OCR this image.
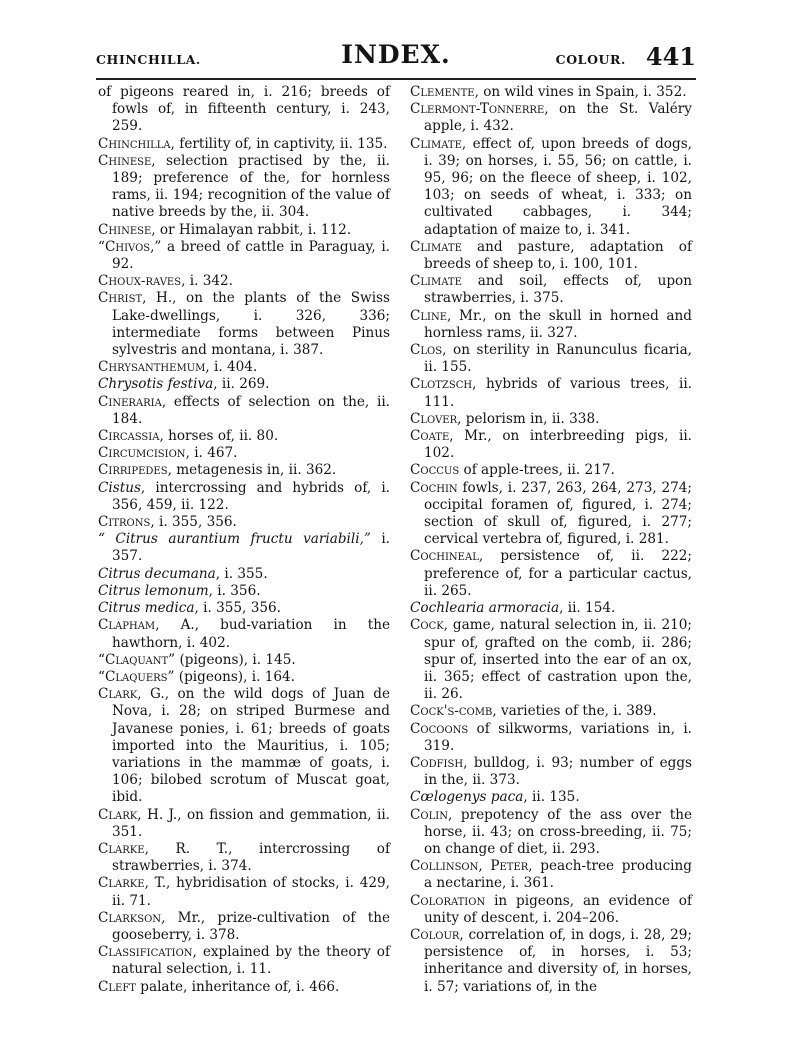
CHINCHILLA.	INDEX.	COLOUR. 441

of pigeons reared in, i. 216; breeds of fowls of, in fifteenth century, i. 243, 259.

Chinchilla, fertility of, in captivity, ii. 135.

Chinese, selection practised by the, ii. 189; preference of the, for hornless rams, ii. 194; recognition of the value of native breeds by the, ii. 304.

Chinese, or Himalayan rabbit, i. 112.

“Chivos,” a breed of cattle in Paraguay, i. 92.

Choux-raves, i. 342.

Christ, H., on the plants of the Swiss Lake-dwellings, i. 326, 336; intermediate forms between Pinus sylvestris and montana, i. 387.

Chrysanthemum, i. 404.

Chrysotis festiva, ii. 269.

Cineraria, effects of selection on the, ii. 184.

Circassia, horses of, ii. 80.

Circumcision, i. 467.

Cirripedes, metagenesis in, ii. 362.

Cistus, intercrossing and hybrids of, i. 356, 459, ii. 122.

Citrons, i. 355, 356.

“ Citrus aurantium fructu variabili,” i. 357.

Citrus decumana, i. 355.

Citrus lemonum, i. 356.

Citrus medica, i. 355, 356.

Clapham, A., bud-variation in the hawthorn, i. 402.

“Claquant” (pigeons), i. 145.

“Claquers” (pigeons), i. 164.

Clark, G., on the wild dogs of Juan de Nova, i. 28; on striped Burmese and Javanese ponies, i. 61; breeds of goats imported into the Mauritius, i. 105; variations in the mammæ of goats, i. 106; bilobed scrotum of Muscat goat, ibid.

Clark, H. J., on fission and gemmation, ii. 351.

Clarke, R. T., intercrossing of strawberries, i. 374.

Clarke, T., hybridisation of stocks, i. 429, ii. 71.

Clarkson, Mr., prize-cultivation of the gooseberry, i. 378.

Classification, explained by the theory of natural selection, i. 11.

Cleft palate, inheritance of, i. 466.

Clemente, on wild vines in Spain, i. 352.

Clermont-Tonnerre, on the St. Valéry apple, i. 432.

Climate, effect of, upon breeds of dogs, i. 39; on horses, i. 55, 56; on cattle, i. 95, 96; on the fleece of sheep, i. 102, 103; on seeds of wheat, i. 333; on cultivated cabbages, i. 344; adaptation of maize to, i. 341.

Climate and pasture, adaptation of breeds of sheep to, i. 100, 101.

Climate and soil, effects of, upon strawberries, i. 375.

Cline, Mr., on the skull in horned and hornless rams, ii. 327.

Clos, on sterility in Ranunculus ficaria, ii. 155.

Clotzsch, hybrids of various trees, ii. 111.

Clover, pelorism in, ii. 338.

Coate, Mr., on interbreeding pigs, ii. 102.

Coccus of apple-trees, ii. 217.

Cochin fowls, i. 237, 263, 264, 273, 274; occipital foramen of, figured, i. 274; section of skull of, figured, i. 277; cervical vertebra of, figured, i. 281.

Cochineal, persistence of, ii. 222; preference of, for a particular cactus, ii. 265.

Cochlearia armoracia, ii. 154.

Cock, game, natural selection in, ii. 210; spur of, grafted on the comb, ii. 286; spur of, inserted into the ear of an ox, ii. 365; effect of castration upon the, ii. 26.

Cock's-comb, varieties of the, i. 389.

Cocoons of silkworms, variations in, i. 319.

Codfish, bulldog, i. 93; number of eggs in the, ii. 373.

Cœlogenys paca, ii. 135.

Colin, prepotency of the ass over the horse, ii. 43; on cross-breeding, ii. 75; on change of diet, ii. 293.

Collinson, Peter, peach-tree producing a nectarine, i. 361.

Coloration in pigeons, an evidence of unity of descent, i. 204–206.

Colour, correlation of, in dogs, i. 28, 29; persistence of, in horses, i. 53; inheritance and diversity of, in horses, i. 57; variations of, in the
